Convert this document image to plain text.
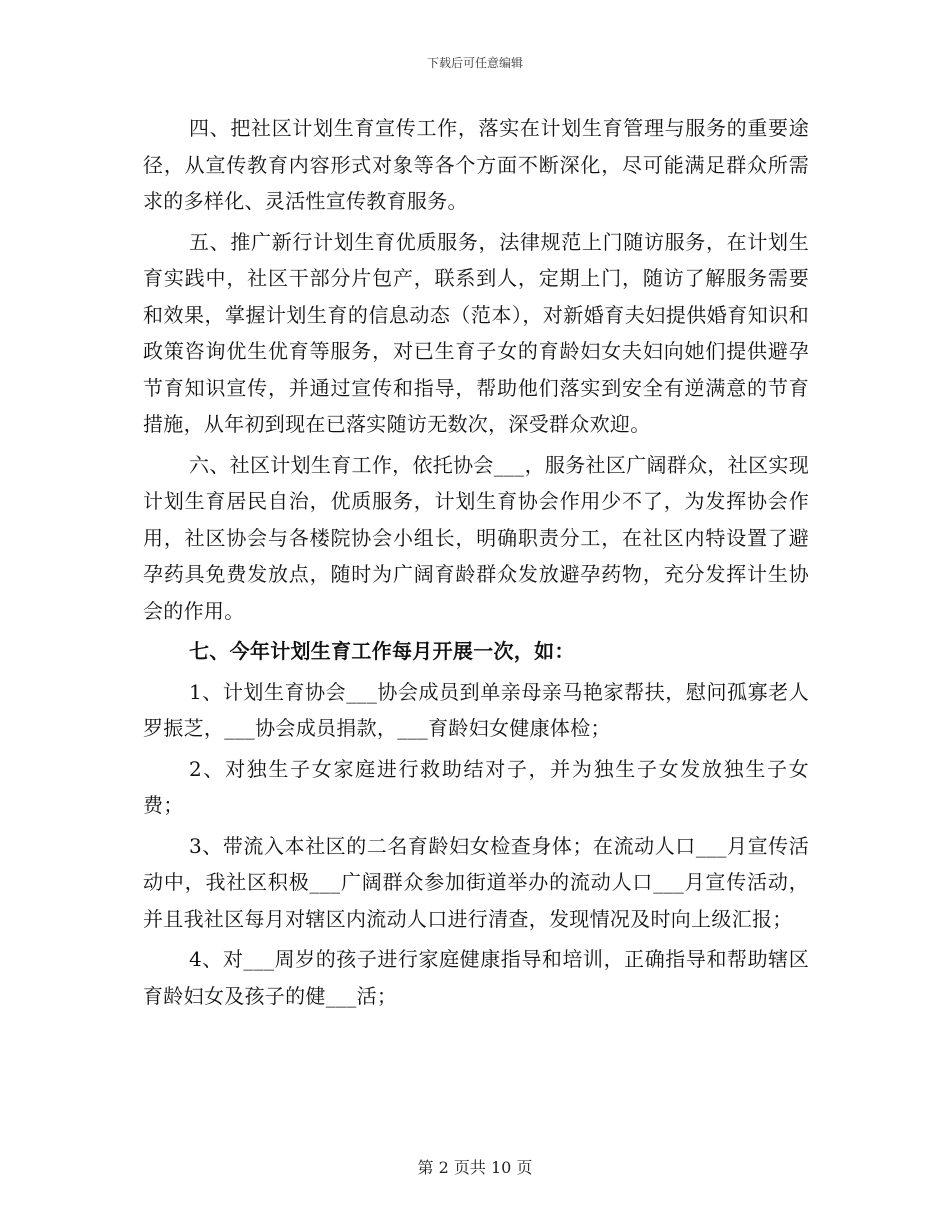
下载后可任意编辑

四、把社区计划生育宣传工作，落实在计划生育管理与服务的重要途径，从宣传教育内容形式对象等各个方面不断深化，尽可能满足群众所需求的多样化、灵活性宣传教育服务。

五、推广新行计划生育优质服务，法律规范上门随访服务，在计划生育实践中，社区干部分片包产，联系到人，定期上门，随访了解服务需要和效果，掌握计划生育的信息动态（范本），对新婚育夫妇提供婚育知识和政策咨询优生优育等服务，对已生育子女的育龄妇女夫妇向她们提供避孕节育知识宣传，并通过宣传和指导，帮助他们落实到安全有逆满意的节育措施，从年初到现在已落实随访无数次，深受群众欢迎。

六、社区计划生育工作，依托协会___，服务社区广阔群众，社区实现计划生育居民自治，优质服务，计划生育协会作用少不了，为发挥协会作用，社区协会与各楼院协会小组长，明确职责分工，在社区内特设置了避孕药具免费发放点，随时为广阔育龄群众发放避孕药物，充分发挥计生协会的作用。

七、今年计划生育工作每月开展一次，如：

1、计划生育协会___协会成员到单亲母亲马艳家帮扶，慰问孤寡老人罗振芝，___协会成员捐款，___育龄妇女健康体检；

2、对独生子女家庭进行救助结对子，并为独生子女发放独生子女费；

3、带流入本社区的二名育龄妇女检查身体；在流动人口___月宣传活动中，我社区积极___广阔群众参加街道举办的流动人口___月宣传活动，并且我社区每月对辖区内流动人口进行清查，发现情况及时向上级汇报；

4、对___周岁的孩子进行家庭健康指导和培训，正确指导和帮助辖区育龄妇女及孩子的健___活；

第 2 页共 10 页
